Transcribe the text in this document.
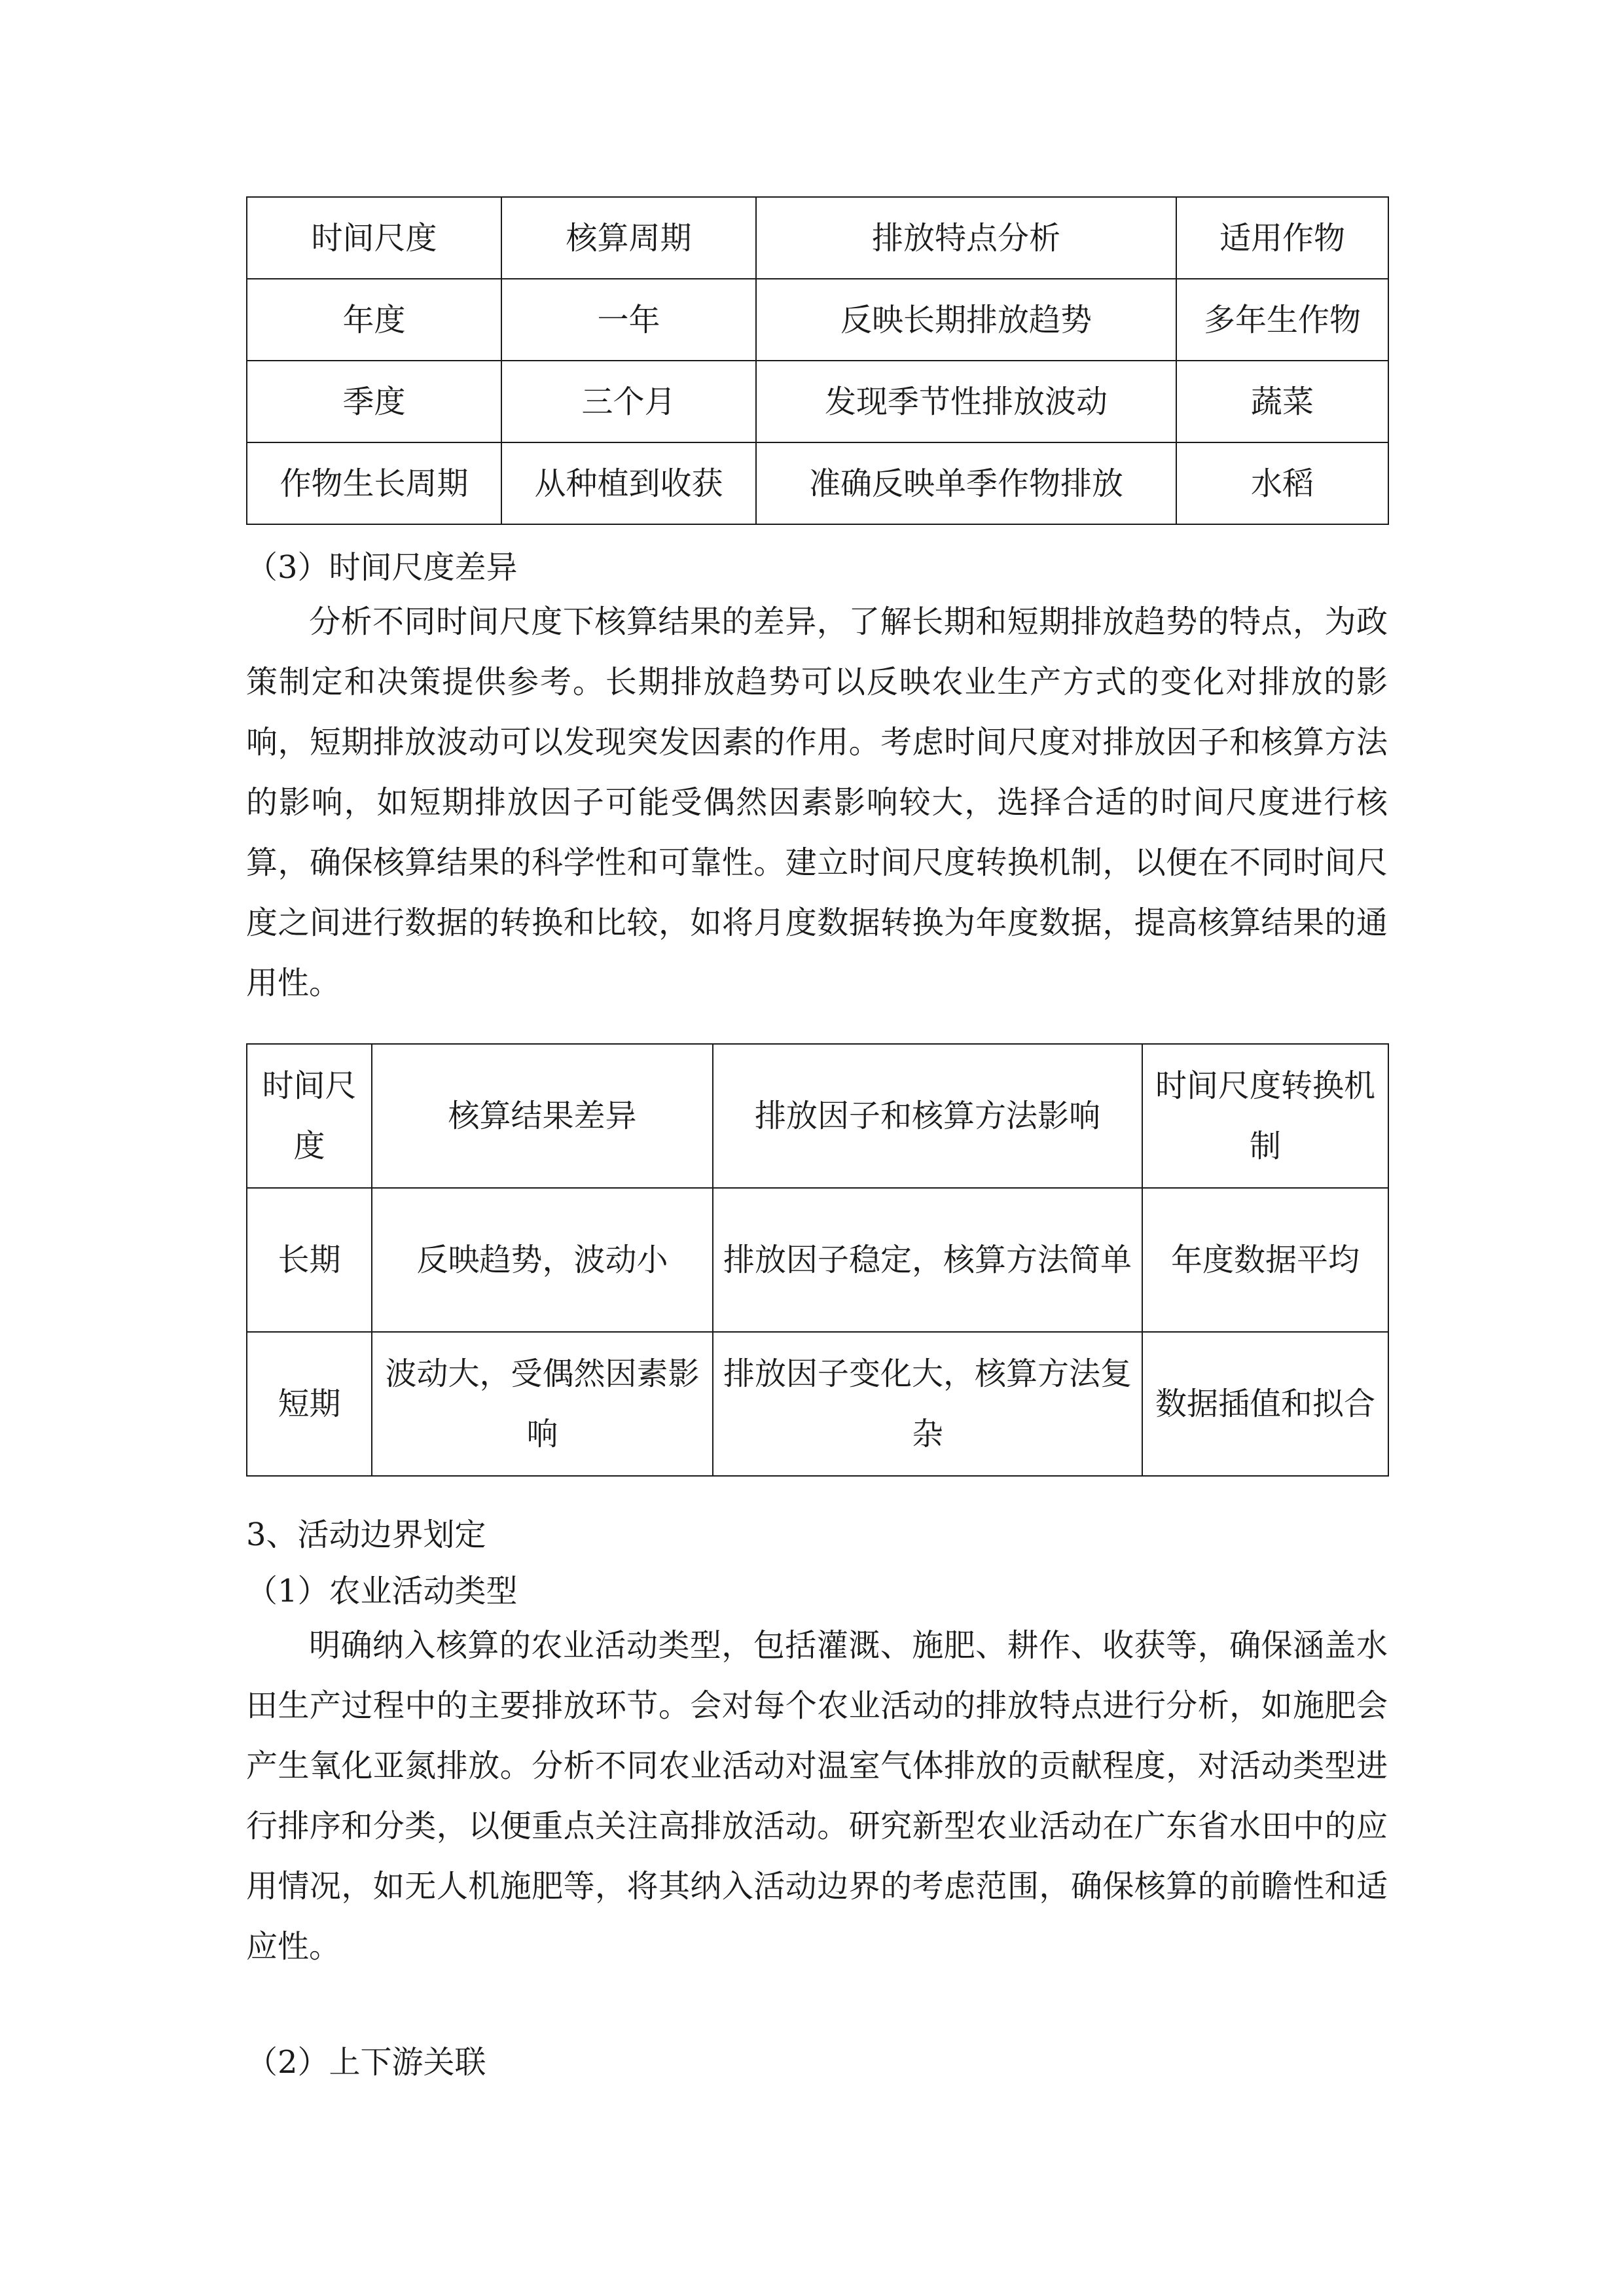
时间尺度	核算周期	排放特点分析	适用作物
年度	一年	反映长期排放趋势	多年生作物
季度	三个月	发现季节性排放波动	蔬菜
作物生长周期	从种植到收获	准确反映单季作物排放	水稻
（3）时间尺度差异
分析不同时间尺度下核算结果的差异，了解长期和短期排放趋势的特点，为政策制定和决策提供参考。长期排放趋势可以反映农业生产方式的变化对排放的影响，短期排放波动可以发现突发因素的作用。考虑时间尺度对排放因子和核算方法的影响，如短期排放因子可能受偶然因素影响较大，选择合适的时间尺度进行核算，确保核算结果的科学性和可靠性。建立时间尺度转换机制，以便在不同时间尺度之间进行数据的转换和比较，如将月度数据转换为年度数据，提高核算结果的通用性。
时间尺度	核算结果差异	排放因子和核算方法影响	时间尺度转换机制
长期	反映趋势，波动小	排放因子稳定，核算方法简单	年度数据平均
短期	波动大，受偶然因素影响	排放因子变化大，核算方法复杂	数据插值和拟合
3、活动边界划定
（1）农业活动类型
明确纳入核算的农业活动类型，包括灌溉、施肥、耕作、收获等，确保涵盖水田生产过程中的主要排放环节。会对每个农业活动的排放特点进行分析，如施肥会产生氧化亚氮排放。分析不同农业活动对温室气体排放的贡献程度，对活动类型进行排序和分类，以便重点关注高排放活动。研究新型农业活动在广东省水田中的应用情况，如无人机施肥等，将其纳入活动边界的考虑范围，确保核算的前瞻性和适应性。
（2）上下游关联
